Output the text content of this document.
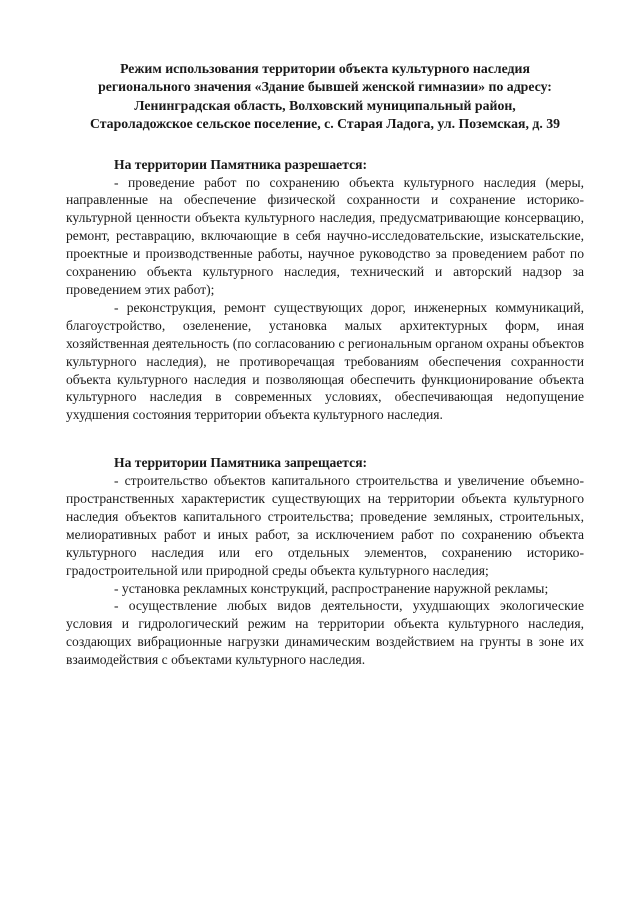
Режим использования территории объекта культурного наследия
регионального значения «Здание бывшей женской гимназии» по адресу:
Ленинградская область, Волховский муниципальный район,
Староладожское сельское поселение, с. Старая Ладога, ул. Поземская, д. 39

На территории Памятника разрешается:

- проведение работ по сохранению объекта культурного наследия (меры, направленные на обеспечение физической сохранности и сохранение историко-культурной ценности объекта культурного наследия, предусматривающие консервацию, ремонт, реставрацию, включающие в себя научно-исследовательские, изыскательские, проектные и производственные работы, научное руководство за проведением работ по сохранению объекта культурного наследия, технический и авторский надзор за проведением этих работ);

- реконструкция, ремонт существующих дорог, инженерных коммуникаций, благоустройство, озеленение, установка малых архитектурных форм, иная хозяйственная деятельность (по согласованию с региональным органом охраны объектов культурного наследия), не противоречащая требованиям обеспечения сохранности объекта культурного наследия и позволяющая обеспечить функционирование объекта культурного наследия в современных условиях, обеспечивающая недопущение ухудшения состояния территории объекта культурного наследия.

На территории Памятника запрещается:

- строительство объектов капитального строительства и увеличение объемно-пространственных характеристик существующих на территории объекта культурного наследия объектов капитального строительства; проведение земляных, строительных, мелиоративных работ и иных работ, за исключением работ по сохранению объекта культурного наследия или его отдельных элементов, сохранению историко-градостроительной или природной среды объекта культурного наследия;

- установка рекламных конструкций, распространение наружной рекламы;

- осуществление любых видов деятельности, ухудшающих экологические условия и гидрологический режим на территории объекта культурного наследия, создающих вибрационные нагрузки динамическим воздействием на грунты в зоне их взаимодействия с объектами культурного наследия.
